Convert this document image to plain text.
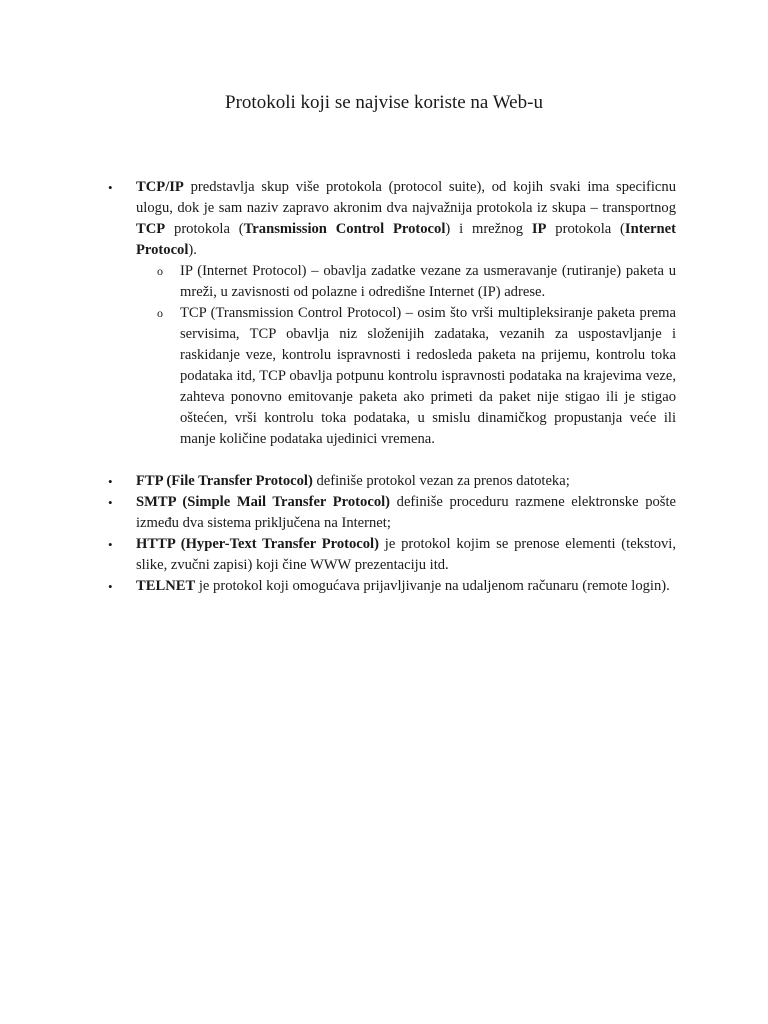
Protokoli koji se najvise koriste na Web-u
•	TCP/IP predstavlja skup više protokola (protocol suite), od kojih svaki ima specificnu ulogu, dok je sam naziv zapravo akronim dva najvažnija protokola iz skupa – transportnog TCP protokola (Transmission Control Protocol) i mrežnog IP protokola (Internet Protocol).

o IP (Internet Protocol) – obavlja zadatke vezane za usmeravanje (rutiranje) paketa u mreži, u zavisnosti od polazne i odredišne Internet (IP) adrese.

o TCP (Transmission Control Protocol) – osim što vrši multipleksiranje paketa prema servisima, TCP obavlja niz složenijih zadataka, vezanih za uspostavljanje i raskidanje veze, kontrolu ispravnosti i redosleda paketa na prijemu, kontrolu toka podataka itd, TCP obavlja potpunu kontrolu ispravnosti podataka na krajevima veze, zahteva ponovno emitovanje paketa ako primeti da paket nije stigao ili je stigao oštećen, vrši kontrolu toka podataka, u smislu dinamičkog propustanja veće ili manje količine podataka ujedinici vremena.

•	FTP (File Transfer Protocol) definiše protokol vezan za prenos datoteka;

•	SMTP (Simple Mail Transfer Protocol) definiše proceduru razmene elektronske pošte između dva sistema priključena na Internet;

•	HTTP (Hyper-Text Transfer Protocol) je protokol kojim se prenose elementi (tekstovi, slike, zvučni zapisi) koji čine WWW prezentaciju itd.

•	TELNET je protokol koji omogućava prijavljivanje na udaljenom računaru (remote login).
